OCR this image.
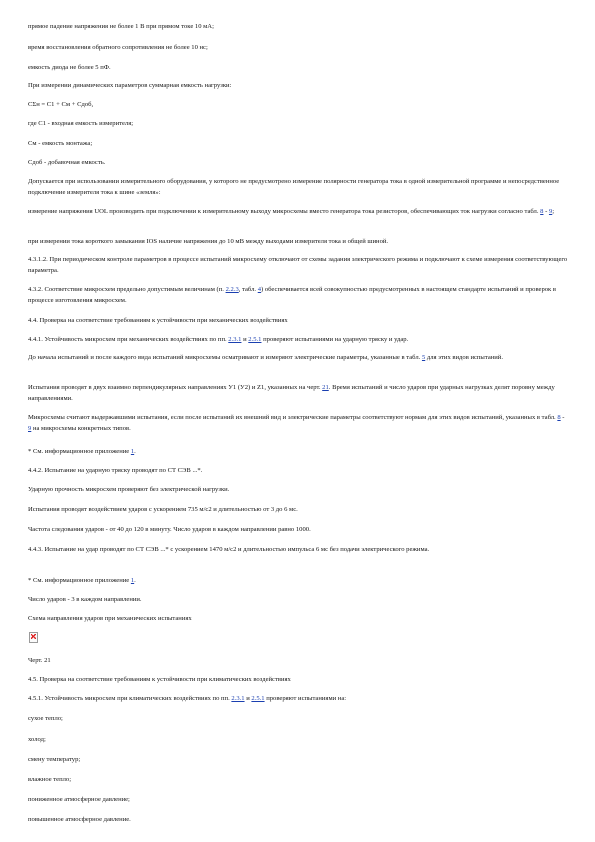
прямое падение напряжения не более 1 В при прямом токе 10 мА;

время восстановления обратного сопротивления не более 10 нс;

емкость диода не более 5 пФ.

При измерении динамических параметров суммарная емкость нагрузки:

СΣн = С1 + См + Сдоб,

где С1 - входная емкость измерителя;

См - емкость монтажа;

Сдоб - добавочная емкость.

Допускается при использовании измерительного оборудования, у которого не предусмотрено измерение полярности генератора тока в одной измерительной программе и непосредственное подключение измерителя тока к шине «земля»:

измерение напряжения UOL производить при подключении к измерительному выходу микросхемы вместо генератора тока резисторов, обеспечивающих ток нагрузки согласно табл. 8 - 9;

при измерении тока короткого замыкания IOS наличие напряжения до 10 мВ между выходами измерителя тока и общей шиной.

4.3.1.2. При периодическом контроле параметров в процессе испытаний микросхему отключают от схемы задания электрического режима и подключают к схеме измерения соответствующего параметра.

4.3.2. Соответствие микросхем предельно допустимым величинам (п. 2.2.3, табл. 4) обеспечивается всей совокупностью предусмотренных в настоящем стандарте испытаний и проверок в процессе изготовления микросхем.

4.4. Проверка на соответствие требованиям к устойчивости при механических воздействиях

4.4.1. Устойчивость микросхем при механических воздействиях по пп. 2.3.1 и 2.5.1 проверяют испытаниями на ударную тряску и удар.

До начала испытаний и после каждого вида испытаний микросхемы осматривают и измеряют электрические параметры, указанные в табл. 5 для этих видов испытаний.

Испытания проводят в двух взаимно перпендикулярных направлениях У1 (У2) и Z1, указанных на черт. 21. Время испытаний и число ударов при ударных нагрузках делят поровну между направлениями.

Микросхемы считают выдержавшими испытания, если после испытаний их внешний вид и электрические параметры соответствуют нормам для этих видов испытаний, указанных в табл. 8 - 9 на микросхемы конкретных типов.

* См. информационное приложение 1.

4.4.2. Испытание на ударную тряску проводят по СТ СЭВ ...*.

Ударную прочность микросхем проверяют без электрической нагрузки.

Испытания проводят воздействием ударов с ускорением 735 м/с2 и длительностью от 3 до 6 мс.

Частота следования ударов - от 40 до 120 в минуту. Число ударов в каждом направлении равно 1000.

4.4.3. Испытание на удар проводят по СТ СЭВ ...* с ускорением 1470 м/с2 и длительностью импульса 6 мс без подачи электрического режима.

* См. информационное приложение 1.

Число ударов - 3 в каждом направлении.

Схема направления ударов при механических испытаниях

Черт. 21

4.5. Проверка на соответствие требованиям к устойчивости при климатических воздействиях

4.5.1. Устойчивость микросхем при климатических воздействиях по пп. 2.3.1 и 2.5.1 проверяют испытаниями на:

сухое тепло;

холод;

смену температур;

влажное тепло;

пониженное атмосферное давление;

повышенное атмосферное давление.
